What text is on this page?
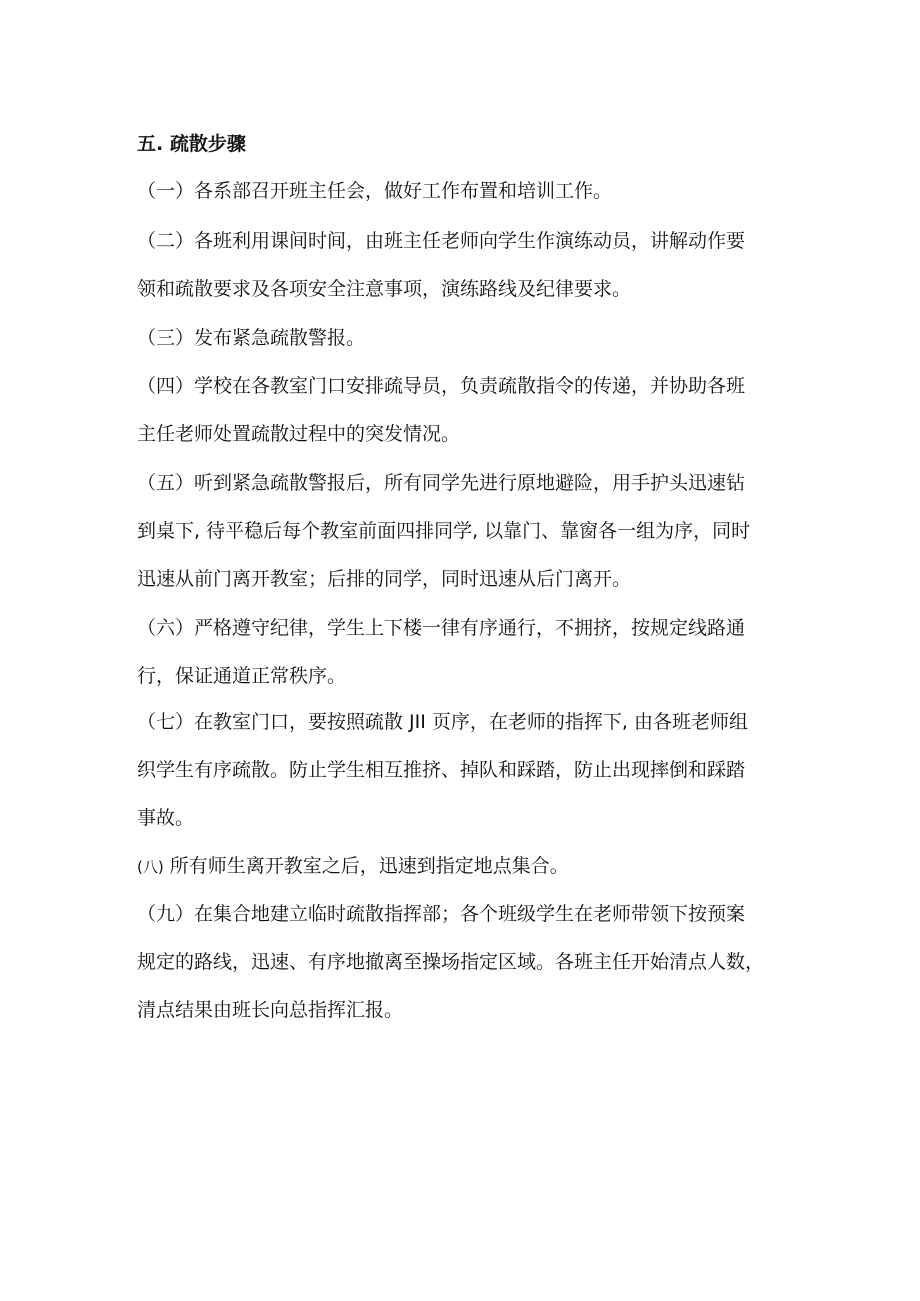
五. 疏散步骤
（一）各系部召开班主任会，做好工作布置和培训工作。
（二）各班利用课间时间，由班主任老师向学生作演练动员，讲解动作要
领和疏散要求及各项安全注意事项，演练路线及纪律要求。
（三）发布紧急疏散警报。
（四）学校在各教室门口安排疏导员，负责疏散指令的传递，并协助各班
主任老师处置疏散过程中的突发情况。
（五）听到紧急疏散警报后，所有同学先进行原地避险，用手护头迅速钻
到桌下, 待平稳后每个教室前面四排同学, 以靠门、靠窗各一组为序，同时
迅速从前门离开教室；后排的同学，同时迅速从后门离开。
（六）严格遵守纪律，学生上下楼一律有序通行，不拥挤，按规定线路通
行，保证通道正常秩序。
（七）在教室门口，要按照疏散 JII 页序，在老师的指挥下, 由各班老师组
织学生有序疏散。防止学生相互推挤、掉队和踩踏，防止出现摔倒和踩踏
事故。
(八) 所有师生离开教室之后，迅速到指定地点集合。
（九）在集合地建立临时疏散指挥部；各个班级学生在老师带领下按预案
规定的路线，迅速、有序地撤离至操场指定区域。各班主任开始清点人数，
清点结果由班长向总指挥汇报。
